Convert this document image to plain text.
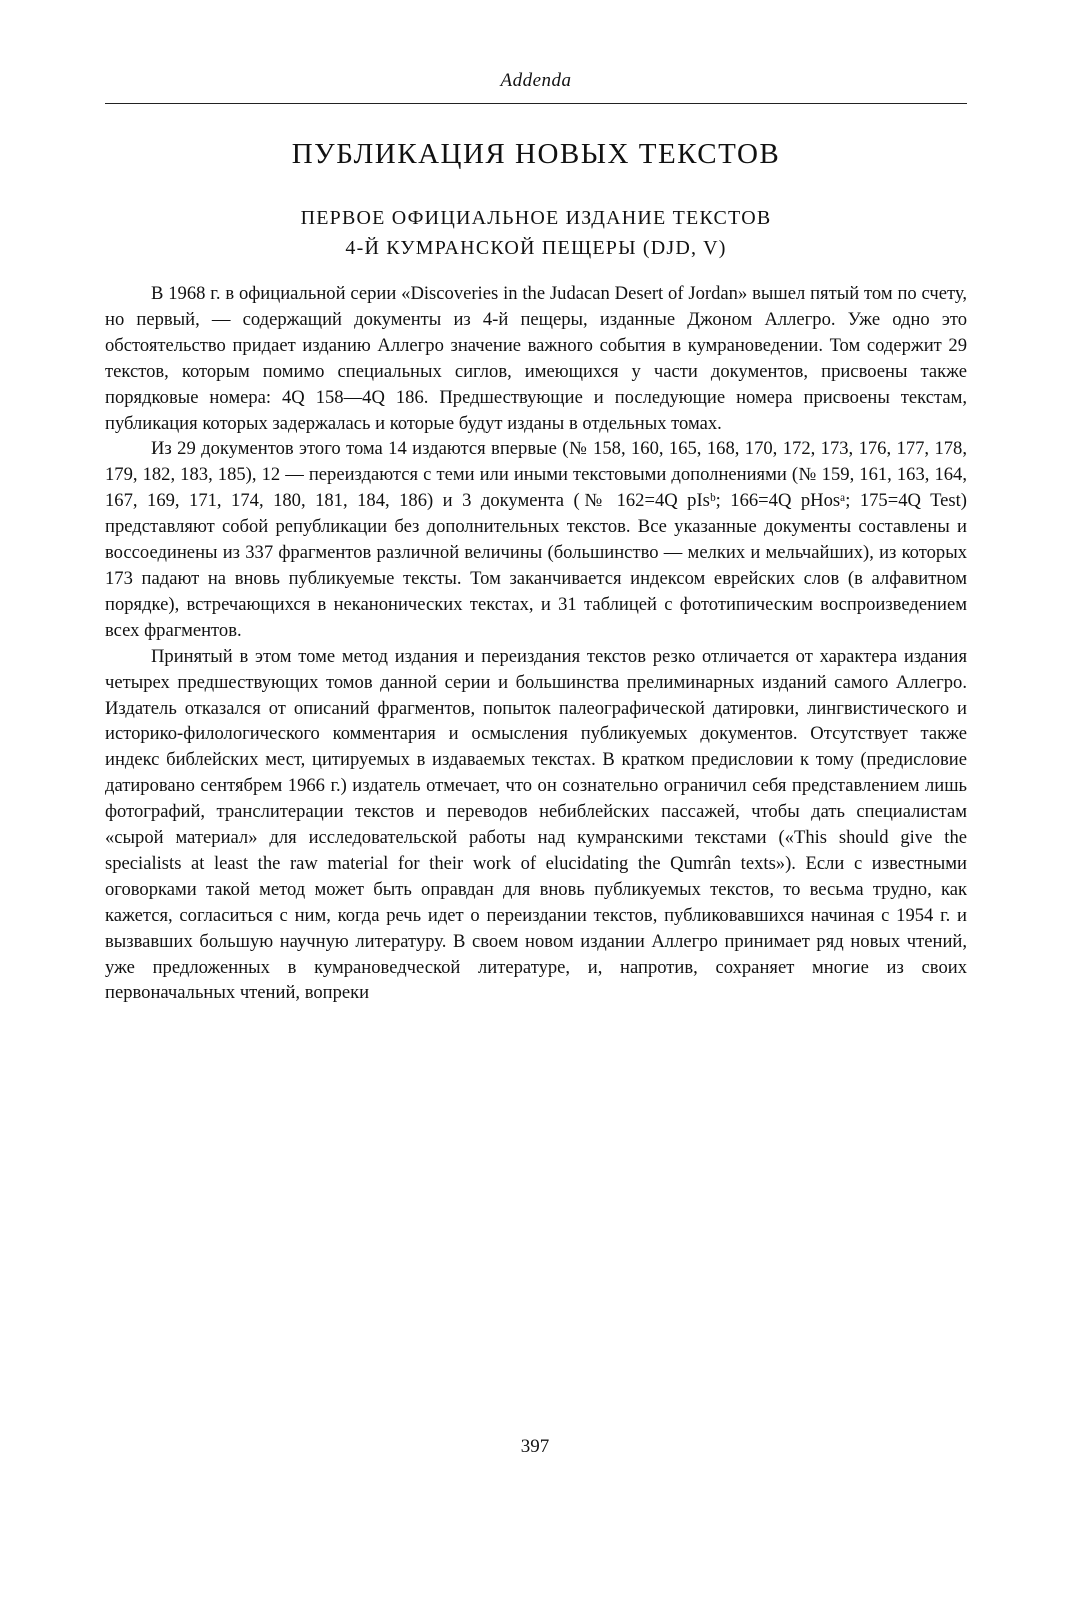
Addenda
ПУБЛИКАЦИЯ НОВЫХ ТЕКСТОВ
ПЕРВОЕ ОФИЦИАЛЬНОЕ ИЗДАНИЕ ТЕКСТОВ
4-Й КУМРАНСКОЙ ПЕЩЕРЫ (DJD, V)

В 1968 г. в официальной серии «Discoveries in the Judacan Desert of Jordan» вышел пятый том по счету, но первый, — содержащий документы из 4-й пещеры, изданные Джоном Аллегро. Уже одно это обстоятельство придает изданию Аллегро значение важного события в кумрановедении. Том содержит 29 текстов, которым помимо специальных сиглов, имеющихся у части документов, присвоены также порядковые номера: 4Q 158—4Q 186. Предшествующие и последующие номера присвоены текстам, публикация которых задержалась и которые будут изданы в отдельных томах.

Из 29 документов этого тома 14 издаются впервые (№ 158, 160, 165, 168, 170, 172, 173, 176, 177, 178, 179, 182, 183, 185), 12 — переиздаются с теми или иными текстовыми дополнениями (№ 159, 161, 163, 164, 167, 169, 171, 174, 180, 181, 184, 186) и 3 документа (№ 162=4Q pIsᵇ; 166=4Q pHosᵃ; 175=4Q Test) представляют собой републикации без дополнительных текстов. Все указанные документы составлены и воссоединены из 337 фрагментов различной величины (большинство — мелких и мельчайших), из которых 173 падают на вновь публикуемые тексты. Том заканчивается индексом еврейских слов (в алфавитном порядке), встречающихся в неканонических текстах, и 31 таблицей с фототипическим воспроизведением всех фрагментов.

Принятый в этом томе метод издания и переиздания текстов резко отличается от характера издания четырех предшествующих томов данной серии и большинства прелиминарных изданий самого Аллегро. Издатель отказался от описаний фрагментов, попыток палеографической датировки, лингвистического и историко-филологического комментария и осмысления публикуемых документов. Отсутствует также индекс библейских мест, цитируемых в издаваемых текстах. В кратком предисловии к тому (предисловие датировано сентябрем 1966 г.) издатель отмечает, что он сознательно ограничил себя представлением лишь фотографий, транслитерации текстов и переводов небиблейских пассажей, чтобы дать специалистам «сырой материал» для исследовательской работы над кумранскими текстами («This should give the specialists at least the raw material for their work of elucidating the Qumrân texts»). Если с известными оговорками такой метод может быть оправдан для вновь публикуемых текстов, то весьма трудно, как кажется, согласиться с ним, когда речь идет о переиздании текстов, публиковавшихся начиная с 1954 г. и вызвавших большую научную литературу. В своем новом издании Аллегро принимает ряд новых чтений, уже предложенных в кумрановедческой литературе, и, напротив, сохраняет многие из своих первоначальных чтений, вопреки

397
